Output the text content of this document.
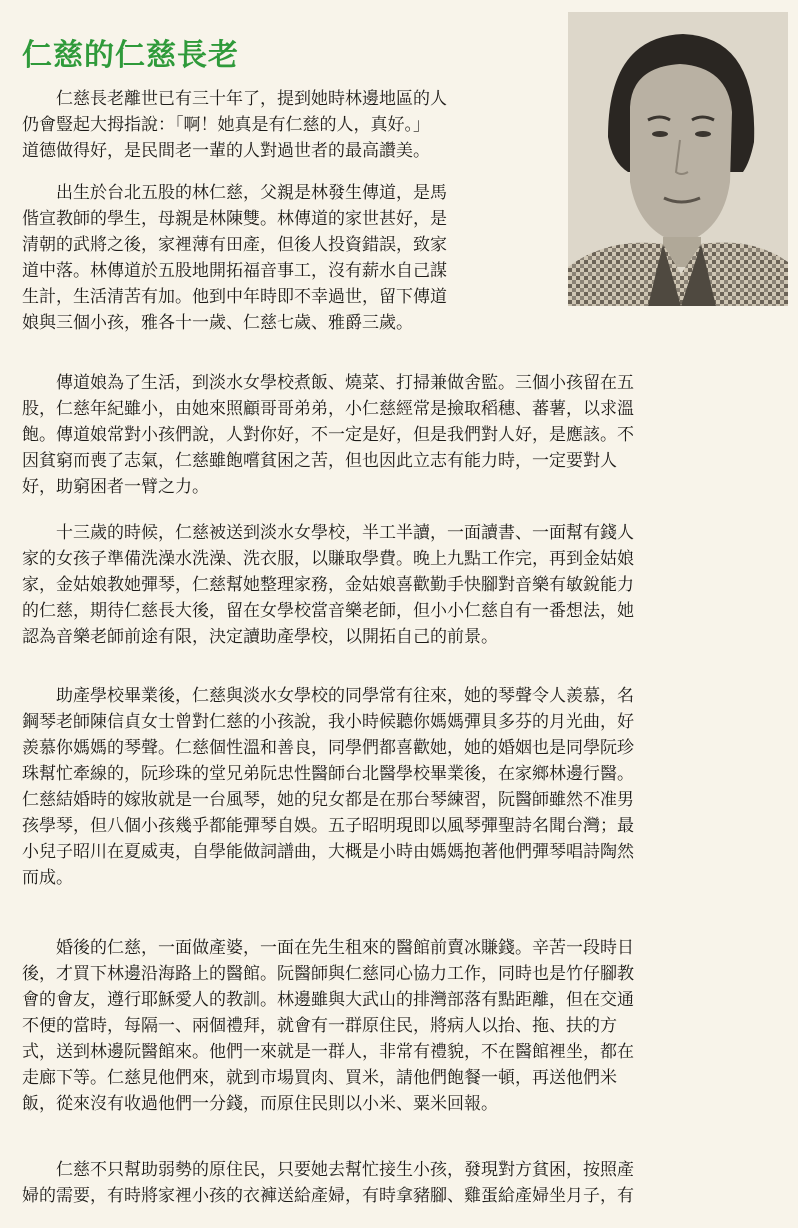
仁慈的仁慈長老

　　仁慈長老離世已有三十年了，提到她時林邊地區的人
仍會豎起大拇指說：「啊！她真是有仁慈的人，真好。」
道德做得好，是民間老一輩的人對過世者的最高讚美。

　　出生於台北五股的林仁慈，父親是林發生傳道，是馬
偕宣教師的學生，母親是林陳雙。林傳道的家世甚好，是
清朝的武將之後，家裡薄有田產，但後人投資錯誤，致家
道中落。林傳道於五股地開拓福音事工，沒有薪水自己謀
生計，生活清苦有加。他到中年時即不幸過世，留下傳道
娘與三個小孩，雅各十一歲、仁慈七歲、雅爵三歲。

　　傳道娘為了生活，到淡水女學校煮飯、燒菜、打掃兼做舍監。三個小孩留在五
股，仁慈年紀雖小，由她來照顧哥哥弟弟，小仁慈經常是撿取稻穗、蕃薯，以求溫
飽。傳道娘常對小孩們說，人對你好，不一定是好，但是我們對人好，是應該。不
因貧窮而喪了志氣，仁慈雖飽嚐貧困之苦，但也因此立志有能力時，一定要對人
好，助窮困者一臂之力。

　　十三歲的時候，仁慈被送到淡水女學校，半工半讀，一面讀書、一面幫有錢人
家的女孩子準備洗澡水洗澡、洗衣服，以賺取學費。晚上九點工作完，再到金姑娘
家，金姑娘教她彈琴，仁慈幫她整理家務，金姑娘喜歡勤手快腳對音樂有敏銳能力
的仁慈，期待仁慈長大後，留在女學校當音樂老師，但小小仁慈自有一番想法，她
認為音樂老師前途有限，決定讀助產學校，以開拓自己的前景。

　　助產學校畢業後，仁慈與淡水女學校的同學常有往來，她的琴聲令人羨慕，名
鋼琴老師陳信貞女士曾對仁慈的小孩說，我小時候聽你媽媽彈貝多芬的月光曲，好
羨慕你媽媽的琴聲。仁慈個性溫和善良，同學們都喜歡她，她的婚姻也是同學阮珍
珠幫忙牽線的，阮珍珠的堂兄弟阮忠性醫師台北醫學校畢業後，在家鄉林邊行醫。
仁慈結婚時的嫁妝就是一台風琴，她的兒女都是在那台琴練習，阮醫師雖然不准男
孩學琴，但八個小孩幾乎都能彈琴自娛。五子昭明現即以風琴彈聖詩名聞台灣；最
小兒子昭川在夏威夷，自學能做詞譜曲，大概是小時由媽媽抱著他們彈琴唱詩陶然
而成。

　　婚後的仁慈，一面做產婆，一面在先生租來的醫館前賣冰賺錢。辛苦一段時日
後，才買下林邊沿海路上的醫館。阮醫師與仁慈同心協力工作，同時也是竹仔腳教
會的會友，遵行耶穌愛人的教訓。林邊雖與大武山的排灣部落有點距離，但在交通
不便的當時，每隔一、兩個禮拜，就會有一群原住民，將病人以抬、拖、扶的方
式，送到林邊阮醫館來。他們一來就是一群人，非常有禮貌，不在醫館裡坐，都在
走廊下等。仁慈見他們來，就到市場買肉、買米，請他們飽餐一頓，再送他們米
飯，從來沒有收過他們一分錢，而原住民則以小米、粟米回報。

　　仁慈不只幫助弱勢的原住民，只要她去幫忙接生小孩，發現對方貧困，按照產
婦的需要，有時將家裡小孩的衣褲送給產婦，有時拿豬腳、雞蛋給產婦坐月子，有
